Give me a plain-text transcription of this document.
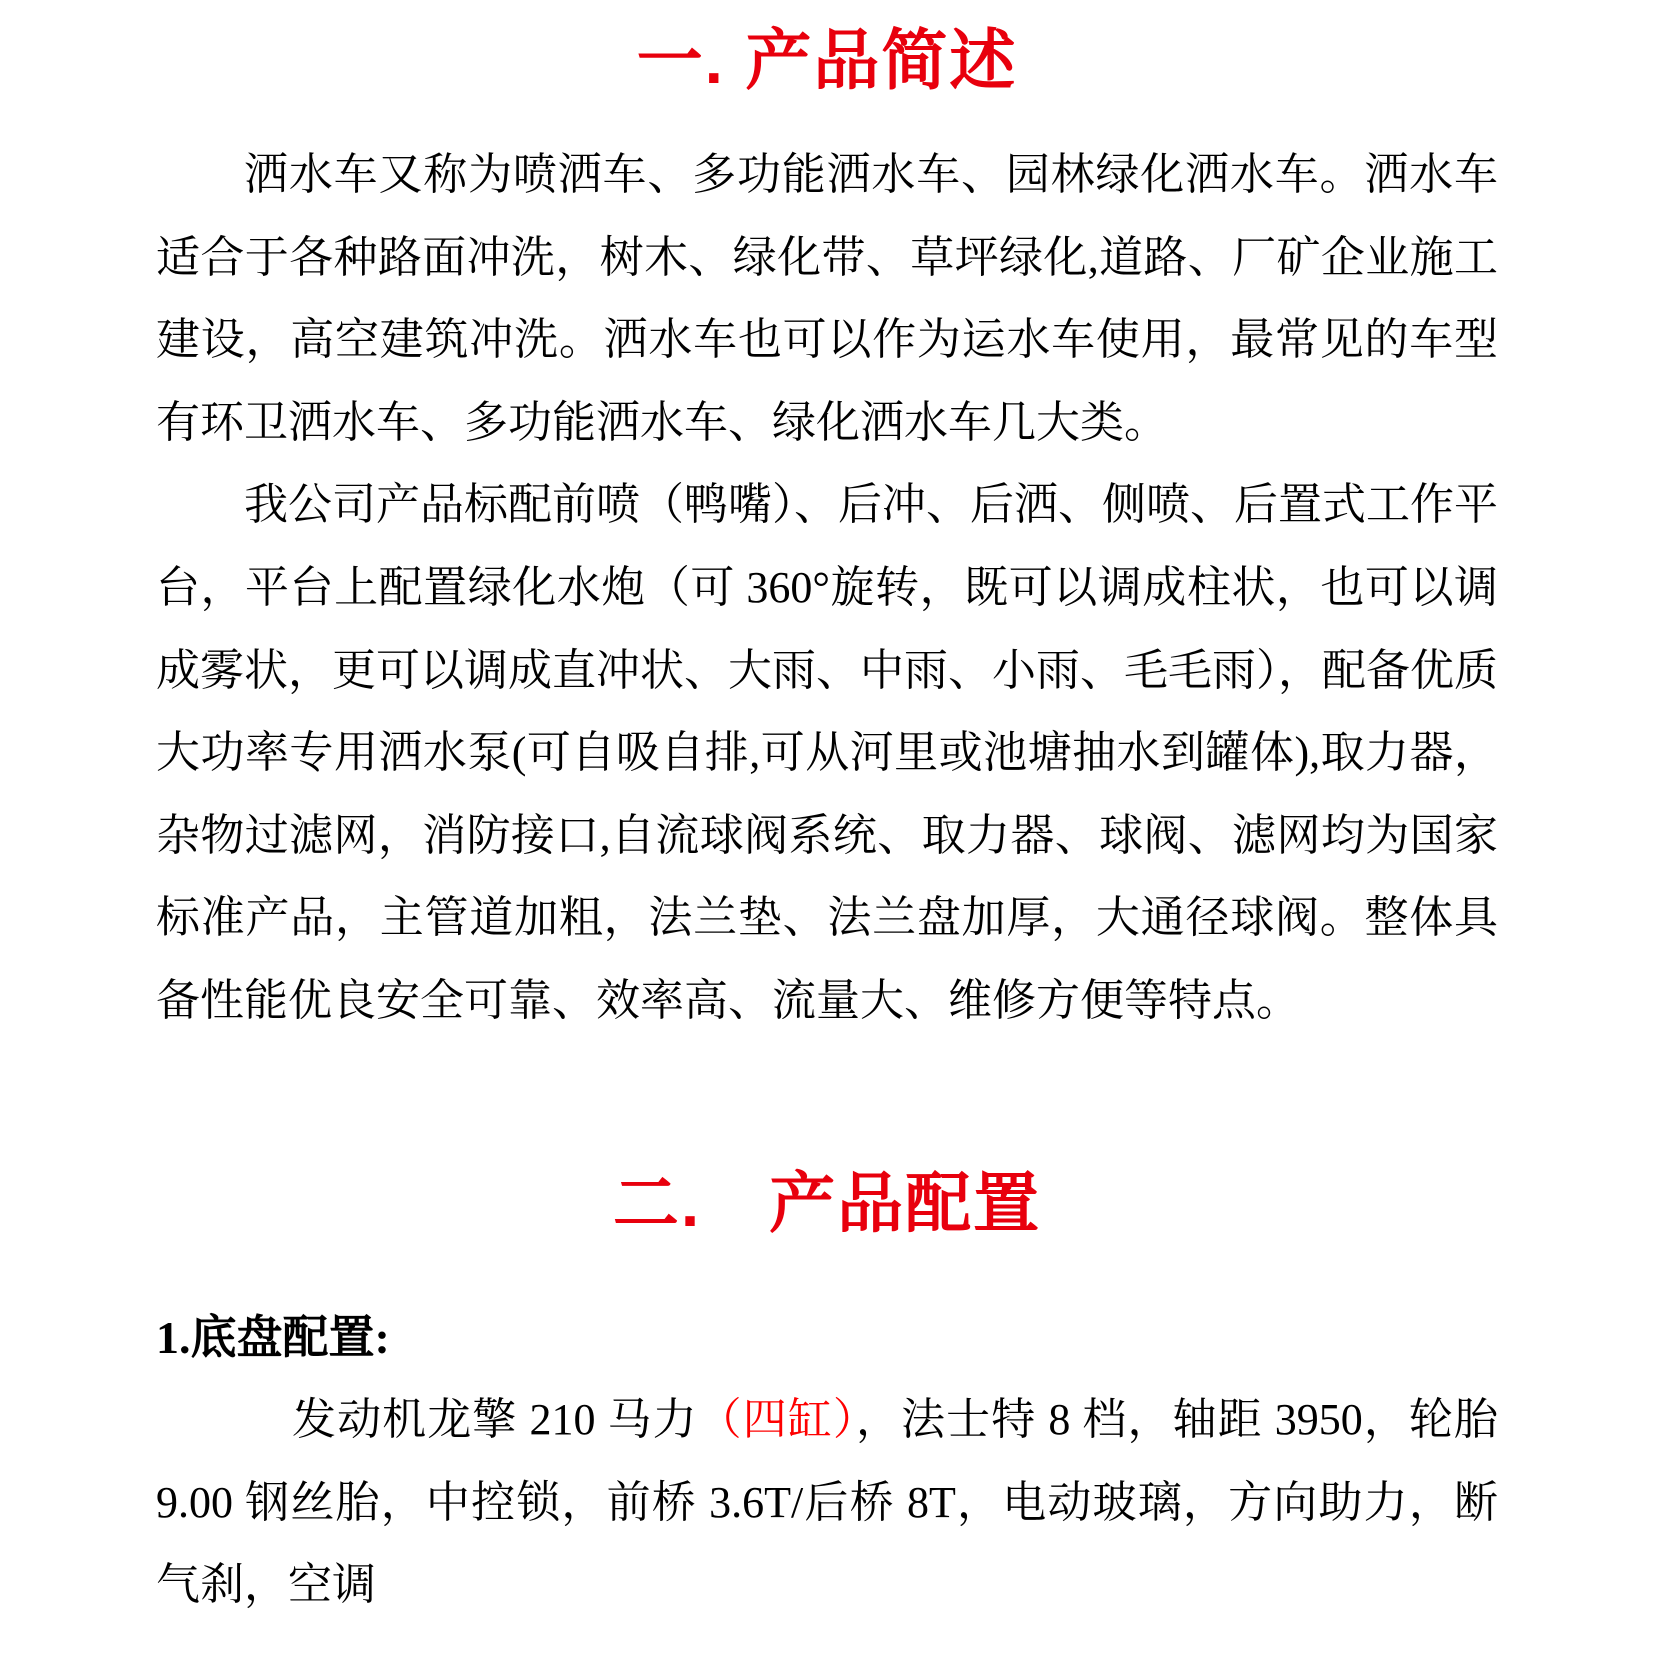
一. 产品简述

洒水车又称为喷洒车、多功能洒水车、园林绿化洒水车。洒水车适合于各种路面冲洗，树木、绿化带、草坪绿化,道路、厂矿企业施工建设，高空建筑冲洗。洒水车也可以作为运水车使用，最常见的车型有环卫洒水车、多功能洒水车、绿化洒水车几大类。

我公司产品标配前喷（鸭嘴）、后冲、后洒、侧喷、后置式工作平台，平台上配置绿化水炮（可 360°旋转，既可以调成柱状，也可以调成雾状，更可以调成直冲状、大雨、中雨、小雨、毛毛雨），配备优质大功率专用洒水泵(可自吸自排,可从河里或池塘抽水到罐体),取力器，杂物过滤网，消防接口,自流球阀系统、取力器、球阀、滤网均为国家标准产品，主管道加粗，法兰垫、法兰盘加厚，大通径球阀。整体具备性能优良安全可靠、效率高、流量大、维修方便等特点。

二.　产品配置

1.底盘配置:

发动机龙擎 210 马力（四缸），法士特 8 档，轴距 3950，轮胎 9.00 钢丝胎，中控锁，前桥 3.6T/后桥 8T，电动玻璃，方向助力，断气刹，空调
